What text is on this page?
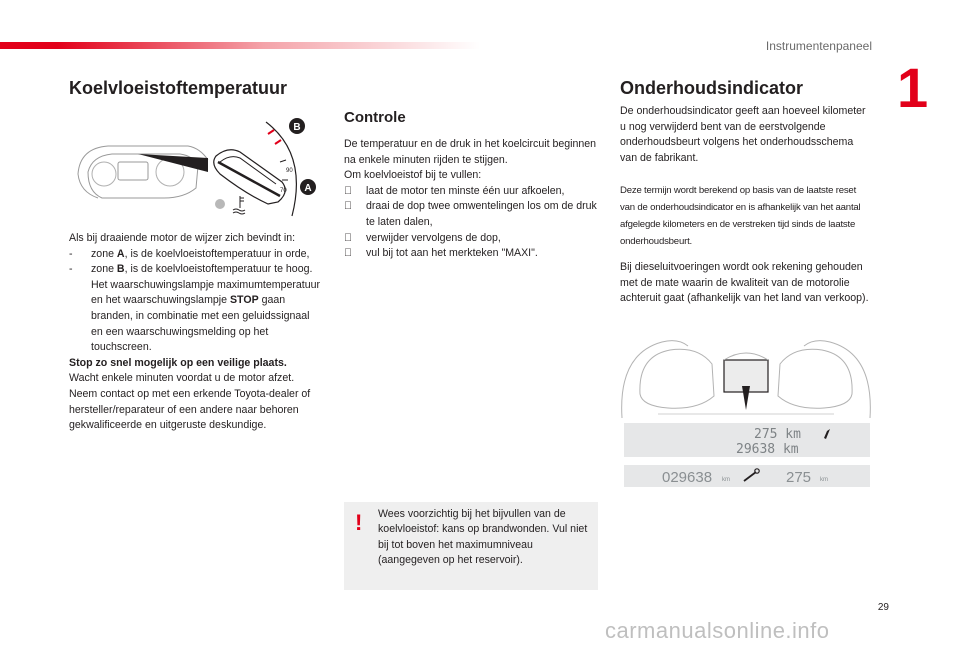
Instrumentenpaneel
1
Koelvloeistoftemperatuur
90
70
B
A
Als bij draaiende motor de wijzer zich bevindt in:
- zone A, is de koelvloeistoftemperatuur in orde,
- zone B, is de koelvloeistoftemperatuur te hoog. Het waarschuwingslampje maximumtemperatuur en het waarschuwingslampje STOP gaan branden, in combinatie met een geluidssignaal en een waarschuwingsmelding op het touchscreen.
Stop zo snel mogelijk op een veilige plaats.
Wacht enkele minuten voordat u de motor afzet.
Neem contact op met een erkende Toyota-dealer of hersteller/reparateur of een andere naar behoren gekwalificeerde en uitgeruste deskundige.
Controle
De temperatuur en de druk in het koelcircuit beginnen na enkele minuten rijden te stijgen.
Om koelvloeistof bij te vullen:
laat de motor ten minste één uur afkoelen,
draai de dop twee omwentelingen los om de druk te laten dalen,
verwijder vervolgens de dop,
vul bij tot aan het merkteken "MAXI".
! Wees voorzichtig bij het bijvullen van de koelvloeistof: kans op brandwonden. Vul niet bij tot boven het maximumniveau (aangegeven op het reservoir).
Onderhoudsindicator
De onderhoudsindicator geeft aan hoeveel kilometer u nog verwijderd bent van de eerstvolgende onderhoudsbeurt volgens het onderhoudsschema van de fabrikant.
Deze termijn wordt berekend op basis van de laatste reset van de onderhoudsindicator en is afhankelijk van het aantal afgelegde kilometers en de verstreken tijd sinds de laatste onderhoudsbeurt.
Bij dieseluitvoeringen wordt ook rekening gehouden met de mate waarin de kwaliteit van de motorolie achteruit gaat (afhankelijk van het land van verkoop).
275 km
29638 km
029638 km	275 km
29
carmanualsonline.info
